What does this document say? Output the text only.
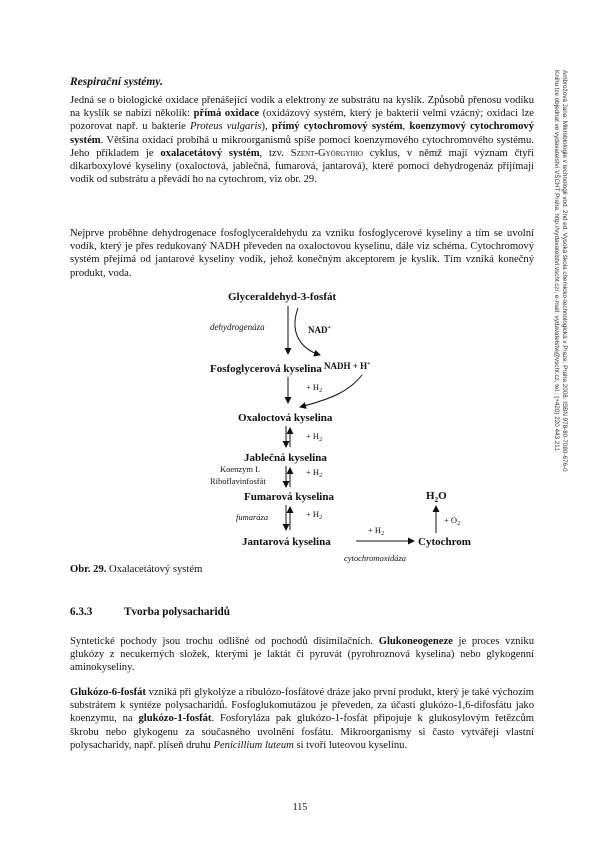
Respirační systémy.

Jedná se o biologické oxidace přenášející vodík a elektrony ze substrátu na kyslík. Způsobů přenosu vodíku na kyslík se nabízí několik: přímá oxidace (oxidázový systém, který je bakterií velmi vzácný; oxidaci lze pozorovat např. u bakterie Proteus vulgaris), přímý cytochromový systém, koenzymový cytochromový systém. Většina oxidací probíhá u mikroorganismů spíše pomocí koenzymového cytochromového systému. Jeho příkladem je oxalacetátový systém, tzv. Szent-Györgyiho cyklus, v němž mají význam čtyři dikarboxylové kyseliny (oxaloctová, jablečná, fumarová, jantarová), které pomocí dehydrogenáz přijímají vodík od substrátu a převádí ho na cytochrom, viz obr. 29.

Nejprve proběhne dehydrogenace fosfoglyceraldehydu za vzniku fosfoglycerové kyseliny a tím se uvolní vodík, který je přes redukovaný NADH převeden na oxaloctovou kyselinu, dále viz schéma. Cytochromový systém přejímá od jantarové kyseliny vodík, jehož konečným akceptorem je kyslík. Tím vzniká konečný produkt, voda.

Glyceraldehyd-3-fosfát
dehydrogenáza	NAD+
NADH + H+
Fosfoglycerová kyselina
+ $H_2$
Oxaloctová kyselina
+ $H_2$
Jablečná kyselina
Koenzym I.
Riboflavinfosfát
+ $H_2$
Fumarová kyselina
fumaráza	+ $H_2$
Jantarová kyselina
+ $H_2$
Cytochrom
cytochromoxidáza
$H_2O$
+ $O_2$
Obr. 29. Oxalacetátový systém
6.3.3	Tvorba polysacharidů

Syntetické pochody jsou trochu odlišné od pochodů disimilačních. Glukoneogeneze je proces vzniku glukózy z necukerných složek, kterými je laktát či pyruvát (pyrohroznová kyselina) nebo glykogenní aminokyseliny.

Glukózo-6-fosfát vzniká při glykolýze a ribulózo-fosfátové dráze jako první produkt, který je také výchozím substrátem k syntéze polysacharidů. Fosfoglukomutázou je převeden, za účasti glukózo-1,6-difosfátu jako koenzymu, na glukózo-1-fosfát. Fosforyláza pak glukózo-1-fosfát připojuje k glukosylovým řetězcům škrobu nebo glykogenu za současného uvolnění fosfátu. Mikroorganismy si často vytvářejí vlastní polysacharidy, např. plíseň druhu Penicillium luteum si tvoří luteovou kyselinu.

Ambrožová Jana: Mikrobiologie v technologii vod. 2nd ed. Vysoká škola chemicko-technologická v Praze, Praha 2008. ISBN 978-80-7080-676-0
Knihu lze objednat ve vydavatelství VŠCHT Praha, http://vydavatelstvi.vscht.cz/, e-mail: vydavatelstvi@vscht.cz, tel.: (+420) 220 443 211
115
